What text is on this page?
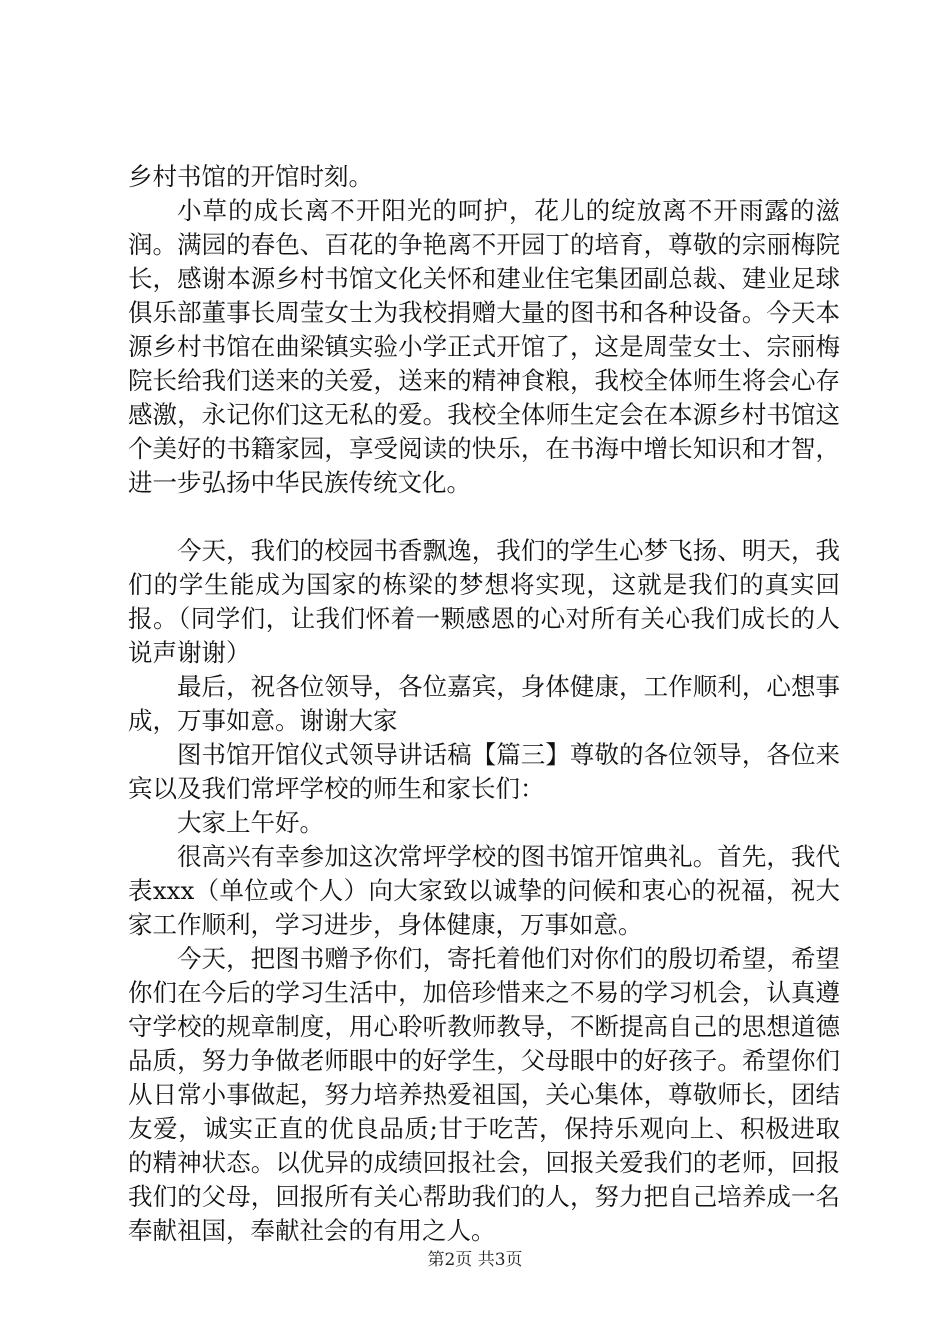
乡村书馆的开馆时刻。

小草的成长离不开阳光的呵护，花儿的绽放离不开雨露的滋润。满园的春色、百花的争艳离不开园丁的培育，尊敬的宗丽梅院长，感谢本源乡村书馆文化关怀和建业住宅集团副总裁、建业足球俱乐部董事长周莹女士为我校捐赠大量的图书和各种设备。今天本源乡村书馆在曲梁镇实验小学正式开馆了，这是周莹女士、宗丽梅院长给我们送来的关爱，送来的精神食粮，我校全体师生将会心存感激，永记你们这无私的爱。我校全体师生定会在本源乡村书馆这个美好的书籍家园，享受阅读的快乐，在书海中增长知识和才智，进一步弘扬中华民族传统文化。

今天，我们的校园书香飘逸，我们的学生心梦飞扬、明天，我们的学生能成为国家的栋梁的梦想将实现，这就是我们的真实回报。（同学们，让我们怀着一颗感恩的心对所有关心我们成长的人说声谢谢）

最后，祝各位领导，各位嘉宾，身体健康，工作顺利，心想事成，万事如意。谢谢大家

图书馆开馆仪式领导讲话稿【篇三】尊敬的各位领导，各位来宾以及我们常坪学校的师生和家长们：

大家上午好。

很高兴有幸参加这次常坪学校的图书馆开馆典礼。首先，我代表xxx（单位或个人）向大家致以诚挚的问候和衷心的祝福，祝大家工作顺利，学习进步，身体健康，万事如意。

今天，把图书赠予你们，寄托着他们对你们的殷切希望，希望你们在今后的学习生活中，加倍珍惜来之不易的学习机会，认真遵守学校的规章制度，用心聆听教师教导，不断提高自己的思想道德品质，努力争做老师眼中的好学生，父母眼中的好孩子。希望你们从日常小事做起，努力培养热爱祖国，关心集体，尊敬师长，团结友爱，诚实正直的优良品质;甘于吃苦，保持乐观向上、积极进取的精神状态。以优异的成绩回报社会，回报关爱我们的老师，回报我们的父母，回报所有关心帮助我们的人，努力把自己培养成一名奉献祖国，奉献社会的有用之人。

第2页 共3页
